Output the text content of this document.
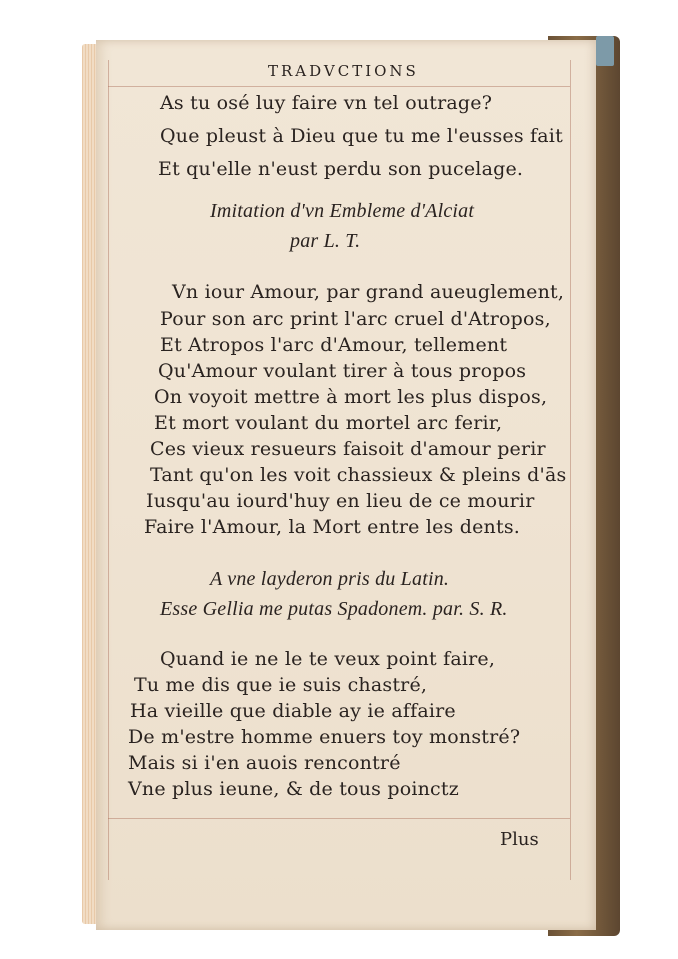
TRADVCTIONS
As tu osé luy faire vn tel outrage?
Que pleust à Dieu que tu me l'eusses fait
Et qu'elle n'eust perdu son pucelage.
Imitation d'vn Embleme d'Alciat
par L. T.
Vn iour Amour, par grand aueuglement,
Pour son arc print l'arc cruel d'Atropos,
Et Atropos l'arc d'Amour, tellement
Qu'Amour voulant tirer à tous propos
On voyoit mettre à mort les plus dispos,
Et mort voulant du mortel arc ferir,
Ces vieux resueurs faisoit d'amour perir
Tant qu'on les voit chassieux & pleins d'ās
Iusqu'au iourd'huy en lieu de ce mourir
Faire l'Amour, la Mort entre les dents.
A vne layderon pris du Latin.
Esse Gellia me putas Spadonem. par. S. R.
Quand ie ne le te veux point faire,
Tu me dis que ie suis chastré,
Ha vieille que diable ay ie affaire
De m'estre homme enuers toy monstré?
Mais si i'en auois rencontré
Vne plus ieune, & de tous poinctz
Plus
